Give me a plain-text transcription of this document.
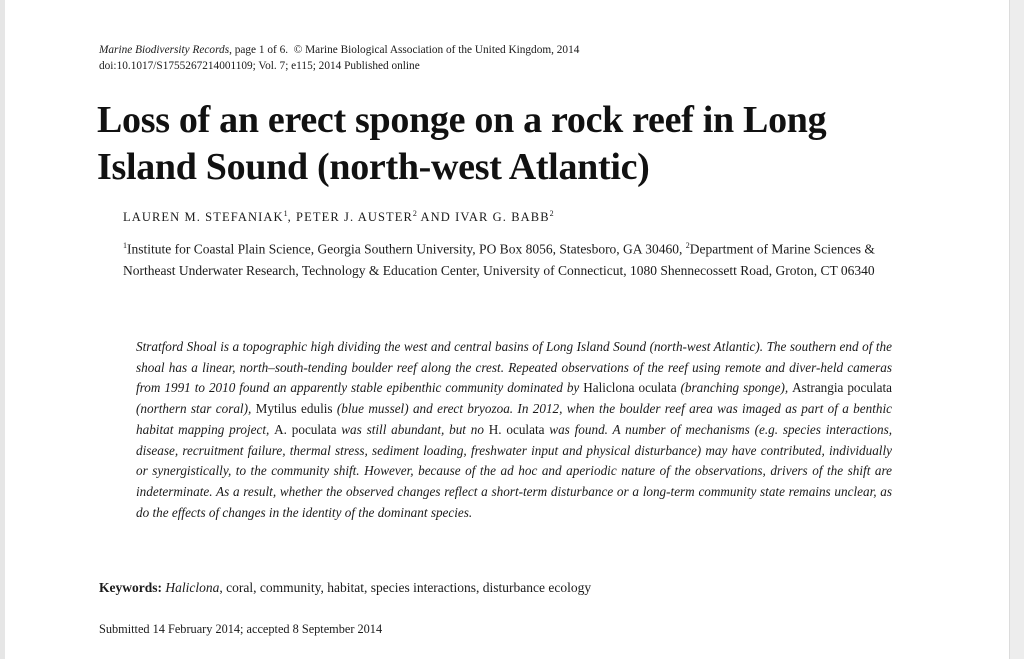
Marine Biodiversity Records, page 1 of 6. © Marine Biological Association of the United Kingdom, 2014
doi:10.1017/S1755267214001109; Vol. 7; e115; 2014 Published online
Loss of an erect sponge on a rock reef in Long
Island Sound (north-west Atlantic)
LAUREN M. STEFANIAK$^1$, PETER J. AUSTER$^2$ AND IVAR G. BABB$^2$
$^1$Institute for Coastal Plain Science, Georgia Southern University, PO Box 8056, Statesboro, GA 30460, $^2$Department of Marine Sciences & Northeast Underwater Research, Technology & Education Center, University of Connecticut, 1080 Shennecossett Road, Groton, CT 06340

Stratford Shoal is a topographic high dividing the west and central basins of Long Island Sound (north-west Atlantic). The southern end of the shoal has a linear, north–south-tending boulder reef along the crest. Repeated observations of the reef using remote and diver-held cameras from 1991 to 2010 found an apparently stable epibenthic community dominated by Haliclona oculata (branching sponge), Astrangia poculata (northern star coral), Mytilus edulis (blue mussel) and erect bryozoa. In 2012, when the boulder reef area was imaged as part of a benthic habitat mapping project, A. poculata was still abundant, but no H. oculata was found. A number of mechanisms (e.g. species interactions, disease, recruitment failure, thermal stress, sediment loading, freshwater input and physical disturbance) may have contributed, individually or synergistically, to the community shift. However, because of the ad hoc and aperiodic nature of the observations, drivers of the shift are indeterminate. As a result, whether the observed changes reflect a short-term disturbance or a long-term community state remains unclear, as do the effects of changes in the identity of the dominant species.

Keywords: Haliclona, coral, community, habitat, species interactions, disturbance ecology
Submitted 14 February 2014; accepted 8 September 2014
